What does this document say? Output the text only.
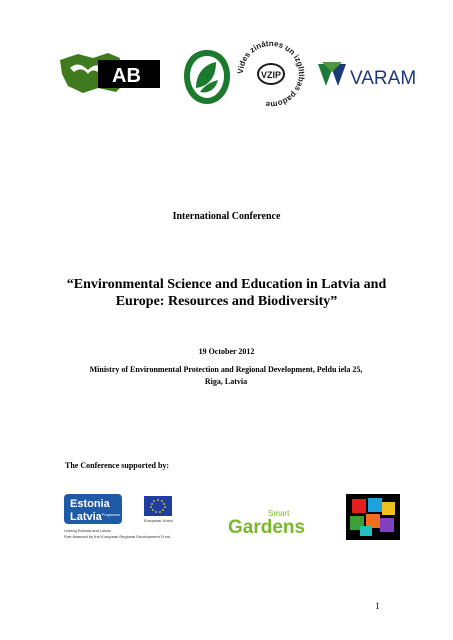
AB	Vides zinātnes un izglītības padome
VZIP	VARAM
International Conference
“Environmental Science and Education in Latvia and
Europe: Resources and Biodiversity”
19 October 2012
Ministry of Environmental Protection and Regional Development, Peldu iela 25,
Riga, Latvia
The Conference supported by:
Estonia
Latvia Programme
European Union
Linking Estonia and Latvia
Part-financed by the European Regional Development Fund
Smart
Gardens
1
